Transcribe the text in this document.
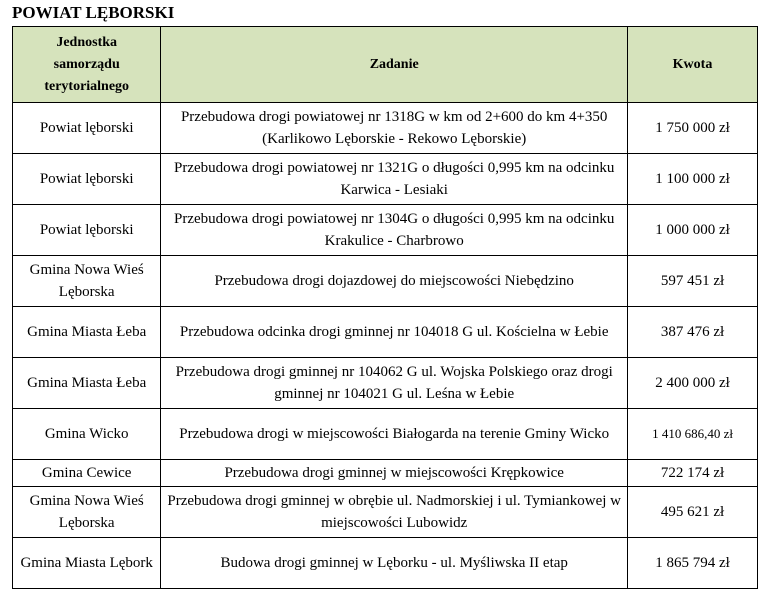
POWIAT LĘBORSKI
Jednostka samorządu terytorialnego	Zadanie	Kwota
Powiat lęborski	Przebudowa drogi powiatowej nr 1318G w km od 2+600 do km 4+350 (Karlikowo Lęborskie - Rekowo Lęborskie)	1 750 000 zł
Powiat lęborski	Przebudowa drogi powiatowej nr 1321G o długości 0,995 km na odcinku Karwica - Lesiaki	1 100 000 zł
Powiat lęborski	Przebudowa drogi powiatowej nr 1304G o długości 0,995 km na odcinku Krakulice - Charbrowo	1 000 000 zł
Gmina Nowa Wieś Lęborska	Przebudowa drogi dojazdowej do miejscowości Niebędzino	597 451 zł
Gmina Miasta Łeba	Przebudowa odcinka drogi gminnej nr 104018 G ul. Kościelna w Łebie	387 476 zł
Gmina Miasta Łeba	Przebudowa drogi gminnej nr 104062 G ul. Wojska Polskiego oraz drogi gminnej nr 104021 G ul. Leśna w Łebie	2 400 000 zł
Gmina Wicko	Przebudowa drogi w miejscowości Białogarda na terenie Gminy Wicko	1 410 686,40 zł
Gmina Cewice	Przebudowa drogi gminnej w miejscowości Krępkowice	722 174 zł
Gmina Nowa Wieś Lęborska	Przebudowa drogi gminnej w obrębie ul. Nadmorskiej i ul. Tymiankowej w miejscowości Lubowidz	495 621 zł
Gmina Miasta Lębork	Budowa drogi gminnej w Lęborku - ul. Myśliwska II etap	1 865 794 zł
